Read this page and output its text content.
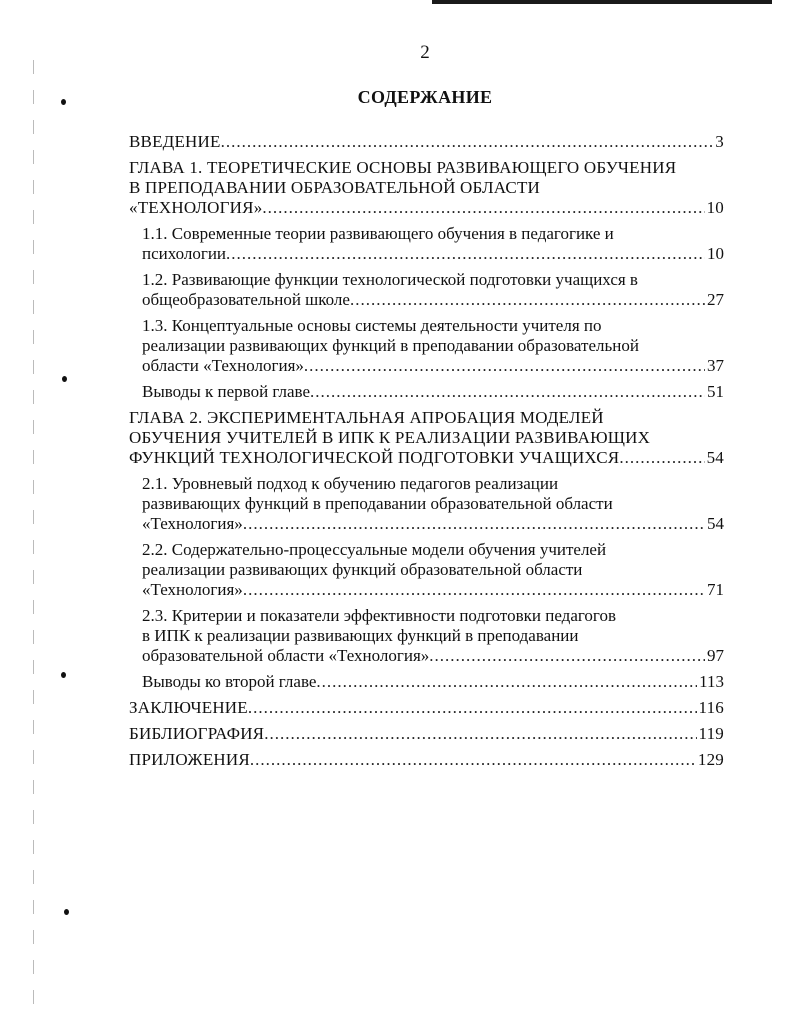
2
СОДЕРЖАНИЕ
ВВЕДЕНИЕ .....	3
ГЛАВА 1. ТЕОРЕТИЧЕСКИЕ ОСНОВЫ РАЗВИВАЮЩЕГО ОБУЧЕНИЯ
В ПРЕПОДАВАНИИ ОБРАЗОВАТЕЛЬНОЙ ОБЛАСТИ
«ТЕХНОЛОГИЯ» .....	10
1.1. Современные теории развивающего обучения в педагогике и
психологии .....	10
1.2. Развивающие функции технологической подготовки учащихся в
общеобразовательной школе .....	27
1.3. Концептуальные основы системы деятельности учителя по
реализации развивающих функций в преподавании образовательной
области «Технология» .....	37
Выводы к первой главе .....	51
ГЛАВА 2. ЭКСПЕРИМЕНТАЛЬНАЯ АПРОБАЦИЯ МОДЕЛЕЙ
ОБУЧЕНИЯ УЧИТЕЛЕЙ В ИПК К РЕАЛИЗАЦИИ РАЗВИВАЮЩИХ
ФУНКЦИЙ ТЕХНОЛОГИЧЕСКОЙ ПОДГОТОВКИ УЧАЩИХСЯ .....	54
2.1. Уровневый подход к обучению педагогов реализации
развивающих функций в преподавании образовательной области
«Технология» .....	54
2.2. Содержательно-процессуальные модели обучения учителей
реализации развивающих функций образовательной области
«Технология» .....	71
2.3. Критерии и показатели эффективности подготовки педагогов
в ИПК к реализации развивающих функций в преподавании
образовательной области «Технология» .....	97
Выводы ко второй главе .....	113
ЗАКЛЮЧЕНИЕ .....	116
БИБЛИОГРАФИЯ .....	119
ПРИЛОЖЕНИЯ .....	129
